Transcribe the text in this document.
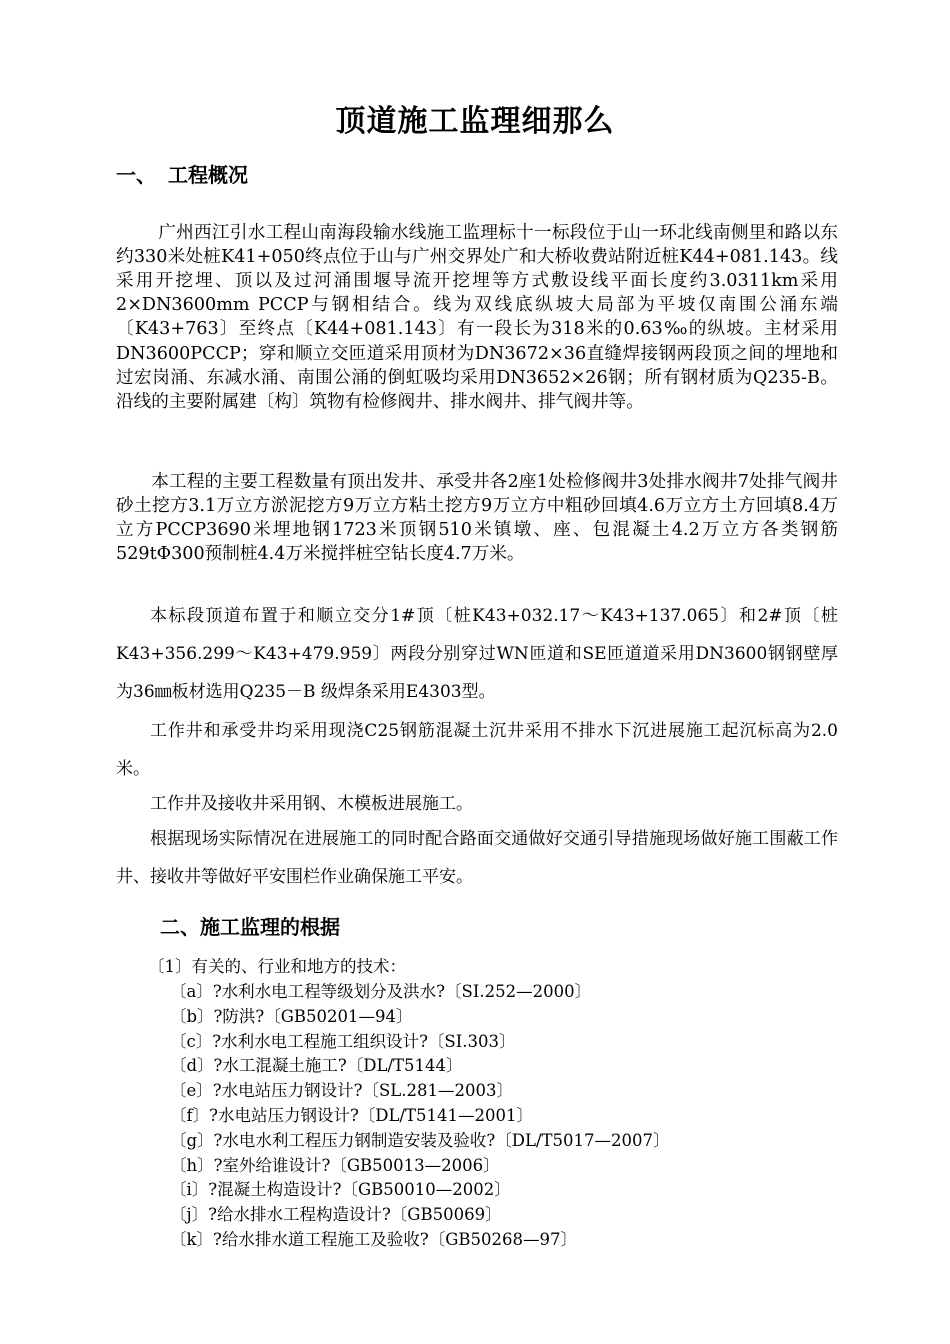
顶道施工监理细那么
一、 工程概况

广州西江引水工程山南海段输水线施工监理标十一标段位于山一环北线南侧里和路以东约330米处桩K41+050终点位于山与广州交界处广和大桥收费站附近桩K44+081.143。线采用开挖埋、顶以及过河涌围堰导流开挖埋等方式敷设线平面长度约3.0311km采用2×DN3600mm PCCP与钢相结合。线为双线底纵坡大局部为平坡仅南围公涌东端〔K43+763〕至终点〔K44+081.143〕有一段长为318米的0.63‰的纵坡。主材采用DN3600PCCP；穿和顺立交匝道采用顶材为DN3672×36直缝焊接钢两段顶之间的埋地和过宏岗涌、东减水涌、南围公涌的倒虹吸均采用DN3652×26钢；所有钢材质为Q235-B。沿线的主要附属建〔构〕筑物有检修阀井、排水阀井、排气阀井等。

本工程的主要工程数量有顶出发井、承受井各2座1处检修阀井3处排水阀井7处排气阀井砂土挖方3.1万立方淤泥挖方9万立方粘土挖方9万立方中粗砂回填4.6万立方土方回填8.4万立方PCCP3690米埋地钢1723米顶钢510米镇墩、座、包混凝土4.2万立方各类钢筋529tΦ300预制桩4.4万米搅拌桩空钻长度4.7万米。

本标段顶道布置于和顺立交分1#顶〔桩K43+032.17～K43+137.065〕和2#顶〔桩K43+356.299～K43+479.959〕两段分别穿过WN匝道和SE匝道道采用DN3600钢钢壁厚为36㎜板材选用Q235－B 级焊条采用E4303型。

工作井和承受井均采用现浇C25钢筋混凝土沉井采用不排水下沉进展施工起沉标高为2.0米。

工作井及接收井采用钢、木模板进展施工。

根据现场实际情况在进展施工的同时配合路面交通做好交通引导措施现场做好施工围蔽工作井、接收井等做好平安围栏作业确保施工平安。

二、施工监理的根据
〔1〕有关的、行业和地方的技术：
〔a〕?水利水电工程等级划分及洪水?〔SI.252—2000〕
〔b〕?防洪?〔GB50201—94〕
〔c〕?水利水电工程施工组织设计?〔SI.303〕
〔d〕?水工混凝土施工?〔DL/T5144〕
〔e〕?水电站压力钢设计?〔SL.281—2003〕
〔f〕?水电站压力钢设计?〔DL/T5141—2001〕
〔g〕?水电水利工程压力钢制造安装及验收?〔DL/T5017—2007〕
〔h〕?室外给谁设计?〔GB50013—2006〕
〔i〕?混凝土构造设计?〔GB50010—2002〕
〔j〕?给水排水工程构造设计?〔GB50069〕
〔k〕?给水排水道工程施工及验收?〔GB50268—97〕
